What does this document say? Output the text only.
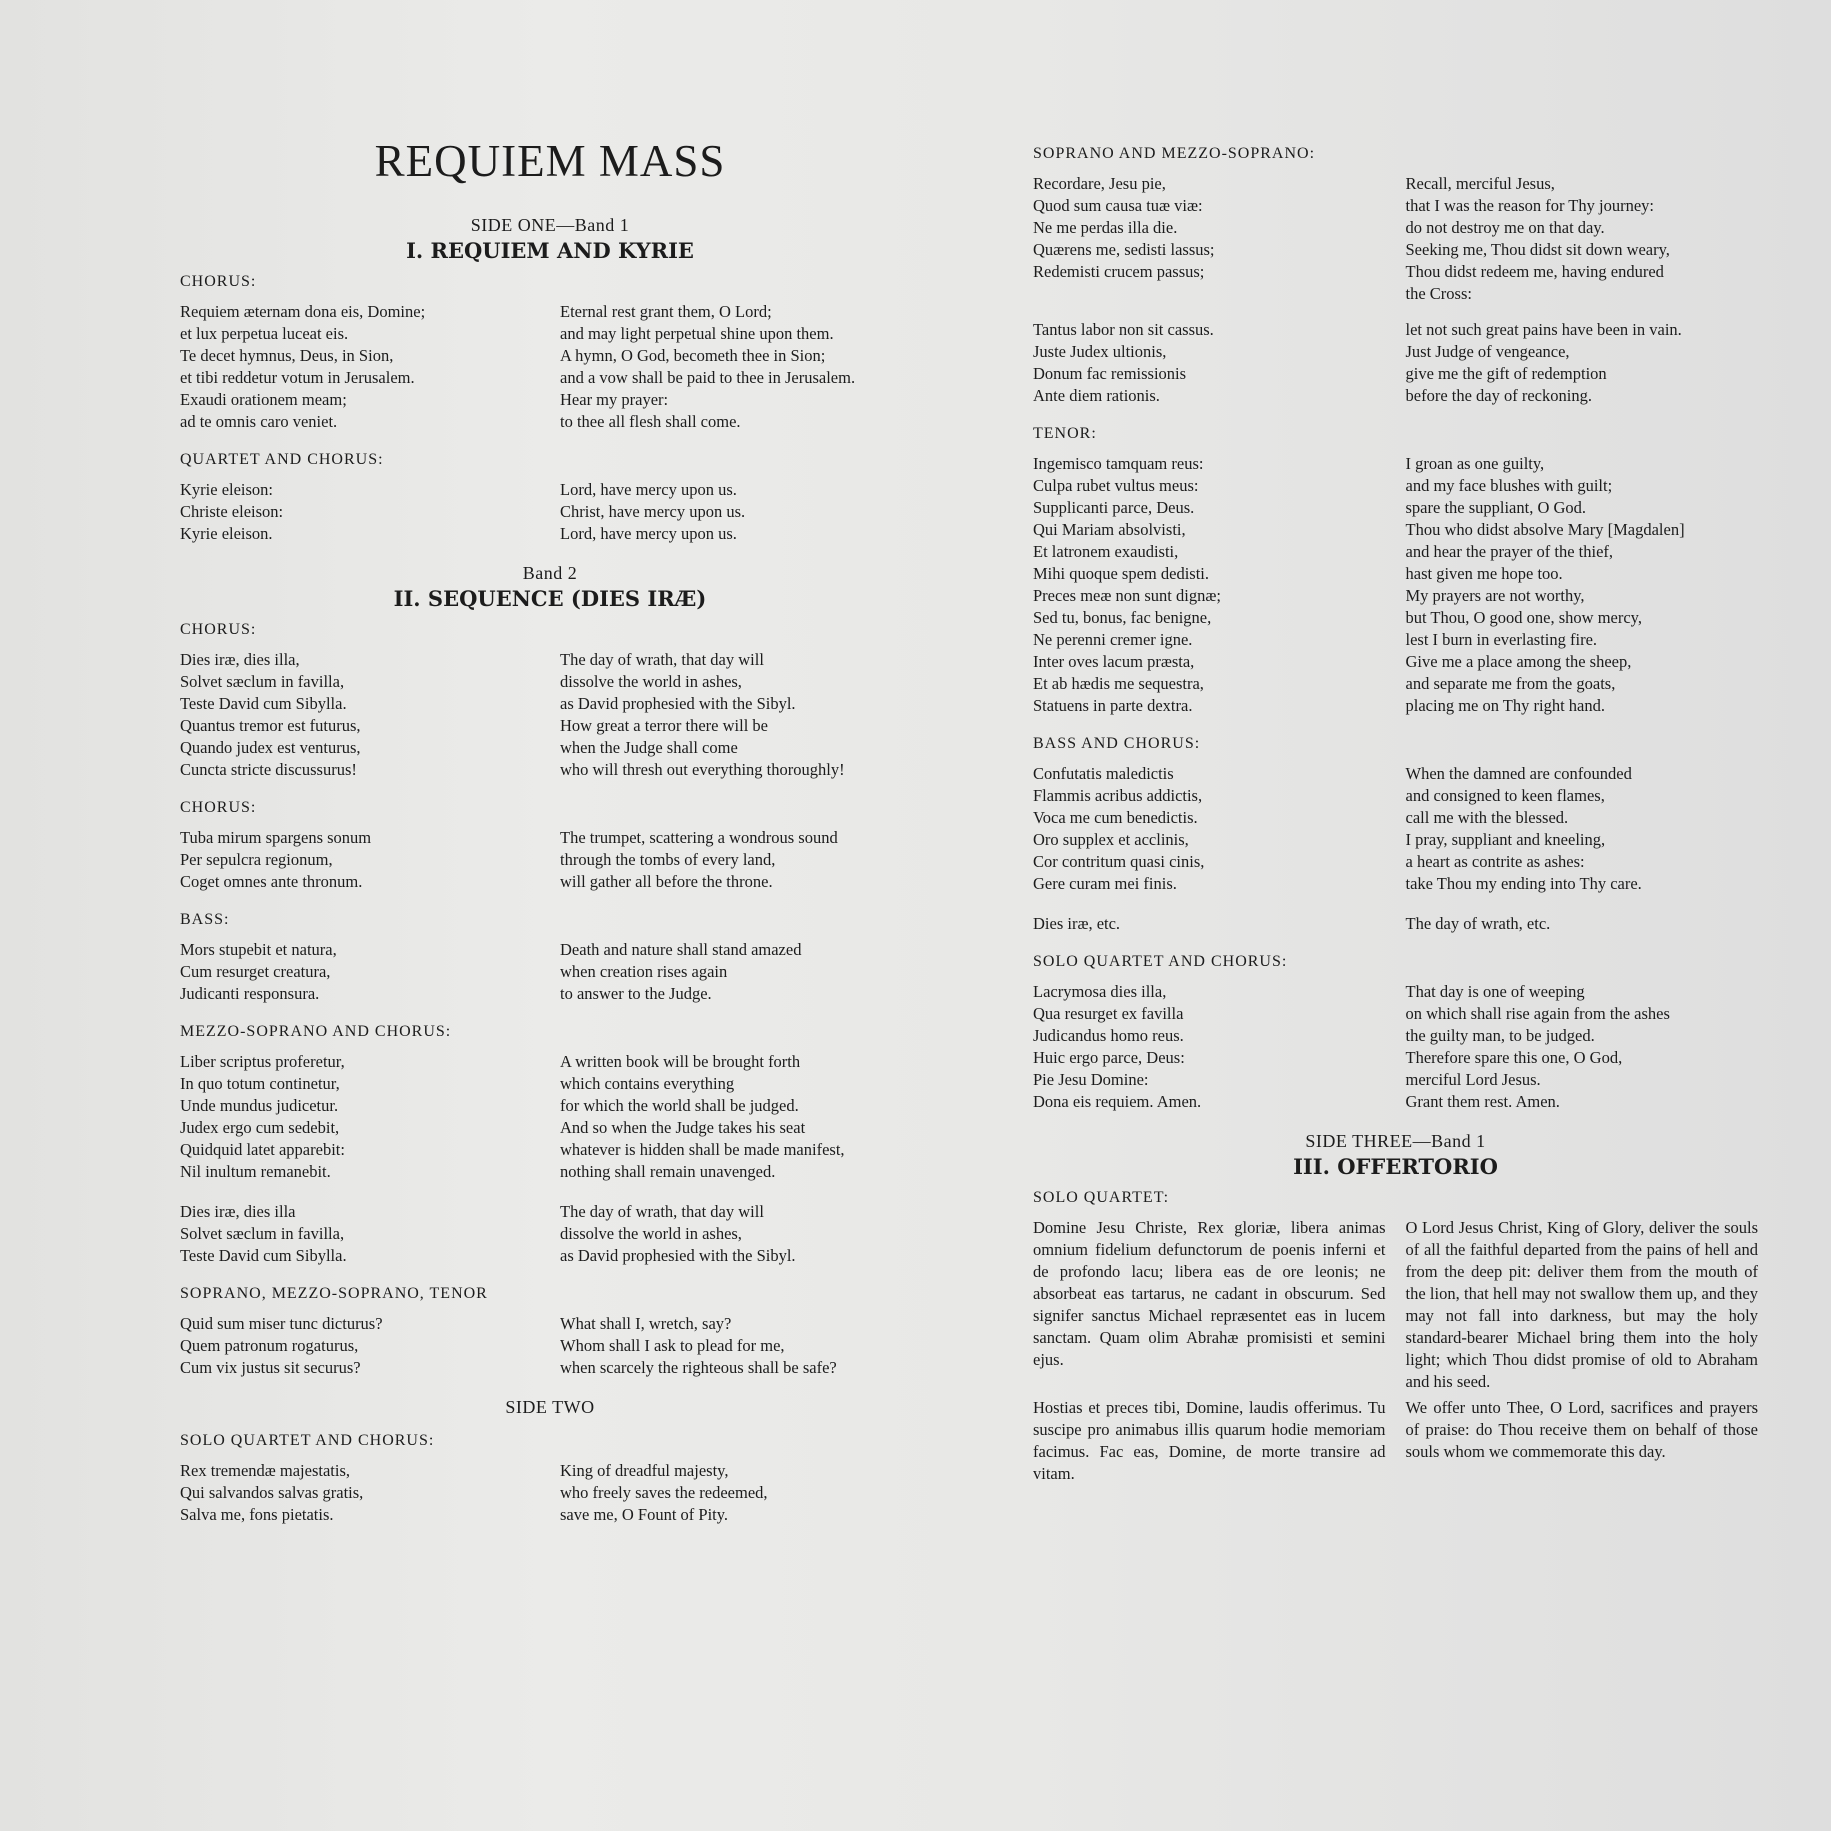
REQUIEM MASS

SIDE ONE—Band 1

I. REQUIEM AND KYRIE

CHORUS:
Requiem æternam dona eis, Domine;
et lux perpetua luceat eis.
Te decet hymnus, Deus, in Sion,
et tibi reddetur votum in Jerusalem.
Exaudi orationem meam;
ad te omnis caro veniet.
Eternal rest grant them, O Lord;
and may light perpetual shine upon them.
A hymn, O God, becometh thee in Sion;
and a vow shall be paid to thee in Jerusalem.
Hear my prayer:
to thee all flesh shall come.
QUARTET AND CHORUS:
Kyrie eleison:
Christe eleison:
Kyrie eleison.
Lord, have mercy upon us.
Christ, have mercy upon us.
Lord, have mercy upon us.

Band 2

II. SEQUENCE (DIES IRÆ)

CHORUS:
Dies iræ, dies illa,
Solvet sæclum in favilla,
Teste David cum Sibylla.
Quantus tremor est futurus,
Quando judex est venturus,
Cuncta stricte discussurus!
The day of wrath, that day will
dissolve the world in ashes,
as David prophesied with the Sibyl.
How great a terror there will be
when the Judge shall come
who will thresh out everything thoroughly!
CHORUS:
Tuba mirum spargens sonum
Per sepulcra regionum,
Coget omnes ante thronum.
The trumpet, scattering a wondrous sound
through the tombs of every land,
will gather all before the throne.
BASS:
Mors stupebit et natura,
Cum resurget creatura,
Judicanti responsura.
Death and nature shall stand amazed
when creation rises again
to answer to the Judge.
MEZZO-SOPRANO AND CHORUS:
Liber scriptus proferetur,
In quo totum continetur,
Unde mundus judicetur.
Judex ergo cum sedebit,
Quidquid latet apparebit:
Nil inultum remanebit.
A written book will be brought forth
which contains everything
for which the world shall be judged.
And so when the Judge takes his seat
whatever is hidden shall be made manifest,
nothing shall remain unavenged.
Dies iræ, dies illa
Solvet sæclum in favilla,
Teste David cum Sibylla.
The day of wrath, that day will
dissolve the world in ashes,
as David prophesied with the Sibyl.
SOPRANO, MEZZO-SOPRANO, TENOR
Quid sum miser tunc dicturus?
Quem patronum rogaturus,
Cum vix justus sit securus?
What shall I, wretch, say?
Whom shall I ask to plead for me,
when scarcely the righteous shall be safe?

SIDE TWO

SOLO QUARTET AND CHORUS:
Rex tremendæ majestatis,
Qui salvandos salvas gratis,
Salva me, fons pietatis.
King of dreadful majesty,
who freely saves the redeemed,
save me, O Fount of Pity.
SOPRANO AND MEZZO-SOPRANO:
Recordare, Jesu pie,
Quod sum causa tuæ viæ:
Ne me perdas illa die.
Quærens me, sedisti lassus;
Redemisti crucem passus;
Recall, merciful Jesus,
that I was the reason for Thy journey:
do not destroy me on that day.
Seeking me, Thou didst sit down weary,
Thou didst redeem me, having endured
the Cross:
Tantus labor non sit cassus.
Juste Judex ultionis,
Donum fac remissionis
Ante diem rationis.
let not such great pains have been in vain.
Just Judge of vengeance,
give me the gift of redemption
before the day of reckoning.
TENOR:
Ingemisco tamquam reus:
Culpa rubet vultus meus:
Supplicanti parce, Deus.
Qui Mariam absolvisti,
Et latronem exaudisti,
Mihi quoque spem dedisti.
Preces meæ non sunt dignæ;
Sed tu, bonus, fac benigne,
Ne perenni cremer igne.
Inter oves lacum præsta,
Et ab hædis me sequestra,
Statuens in parte dextra.
I groan as one guilty,
and my face blushes with guilt;
spare the suppliant, O God.
Thou who didst absolve Mary [Magdalen]
and hear the prayer of the thief,
hast given me hope too.
My prayers are not worthy,
but Thou, O good one, show mercy,
lest I burn in everlasting fire.
Give me a place among the sheep,
and separate me from the goats,
placing me on Thy right hand.
BASS AND CHORUS:
Confutatis maledictis
Flammis acribus addictis,
Voca me cum benedictis.
Oro supplex et acclinis,
Cor contritum quasi cinis,
Gere curam mei finis.
When the damned are confounded
and consigned to keen flames,
call me with the blessed.
I pray, suppliant and kneeling,
a heart as contrite as ashes:
take Thou my ending into Thy care.
Dies iræ, etc.	The day of wrath, etc.
SOLO QUARTET AND CHORUS:
Lacrymosa dies illa,
Qua resurget ex favilla
Judicandus homo reus.
Huic ergo parce, Deus:
Pie Jesu Domine:
Dona eis requiem. Amen.
That day is one of weeping
on which shall rise again from the ashes
the guilty man, to be judged.
Therefore spare this one, O God,
merciful Lord Jesus.
Grant them rest. Amen.

SIDE THREE—Band 1

III. OFFERTORIO

SOLO QUARTET:
Domine Jesu Christe, Rex gloriæ, libera animas omnium fidelium defunctorum de poenis inferni et de profondo lacu; libera eas de ore leonis; ne absorbeat eas tartarus, ne cadant in obscurum. Sed signifer sanctus Michael repræsentet eas in lucem sanctam. Quam olim Abrahæ promisisti et semini ejus.
Hostias et preces tibi, Domine, laudis offerimus. Tu suscipe pro animabus illis quarum hodie memoriam facimus. Fac eas, Domine, de morte transire ad vitam.
O Lord Jesus Christ, King of Glory, deliver the souls of all the faithful departed from the pains of hell and from the deep pit: deliver them from the mouth of the lion, that hell may not swallow them up, and they may not fall into darkness, but may the holy standard-bearer Michael bring them into the holy light; which Thou didst promise of old to Abraham and his seed.
We offer unto Thee, O Lord, sacrifices and prayers of praise: do Thou receive them on behalf of those souls whom we commemorate this day.
